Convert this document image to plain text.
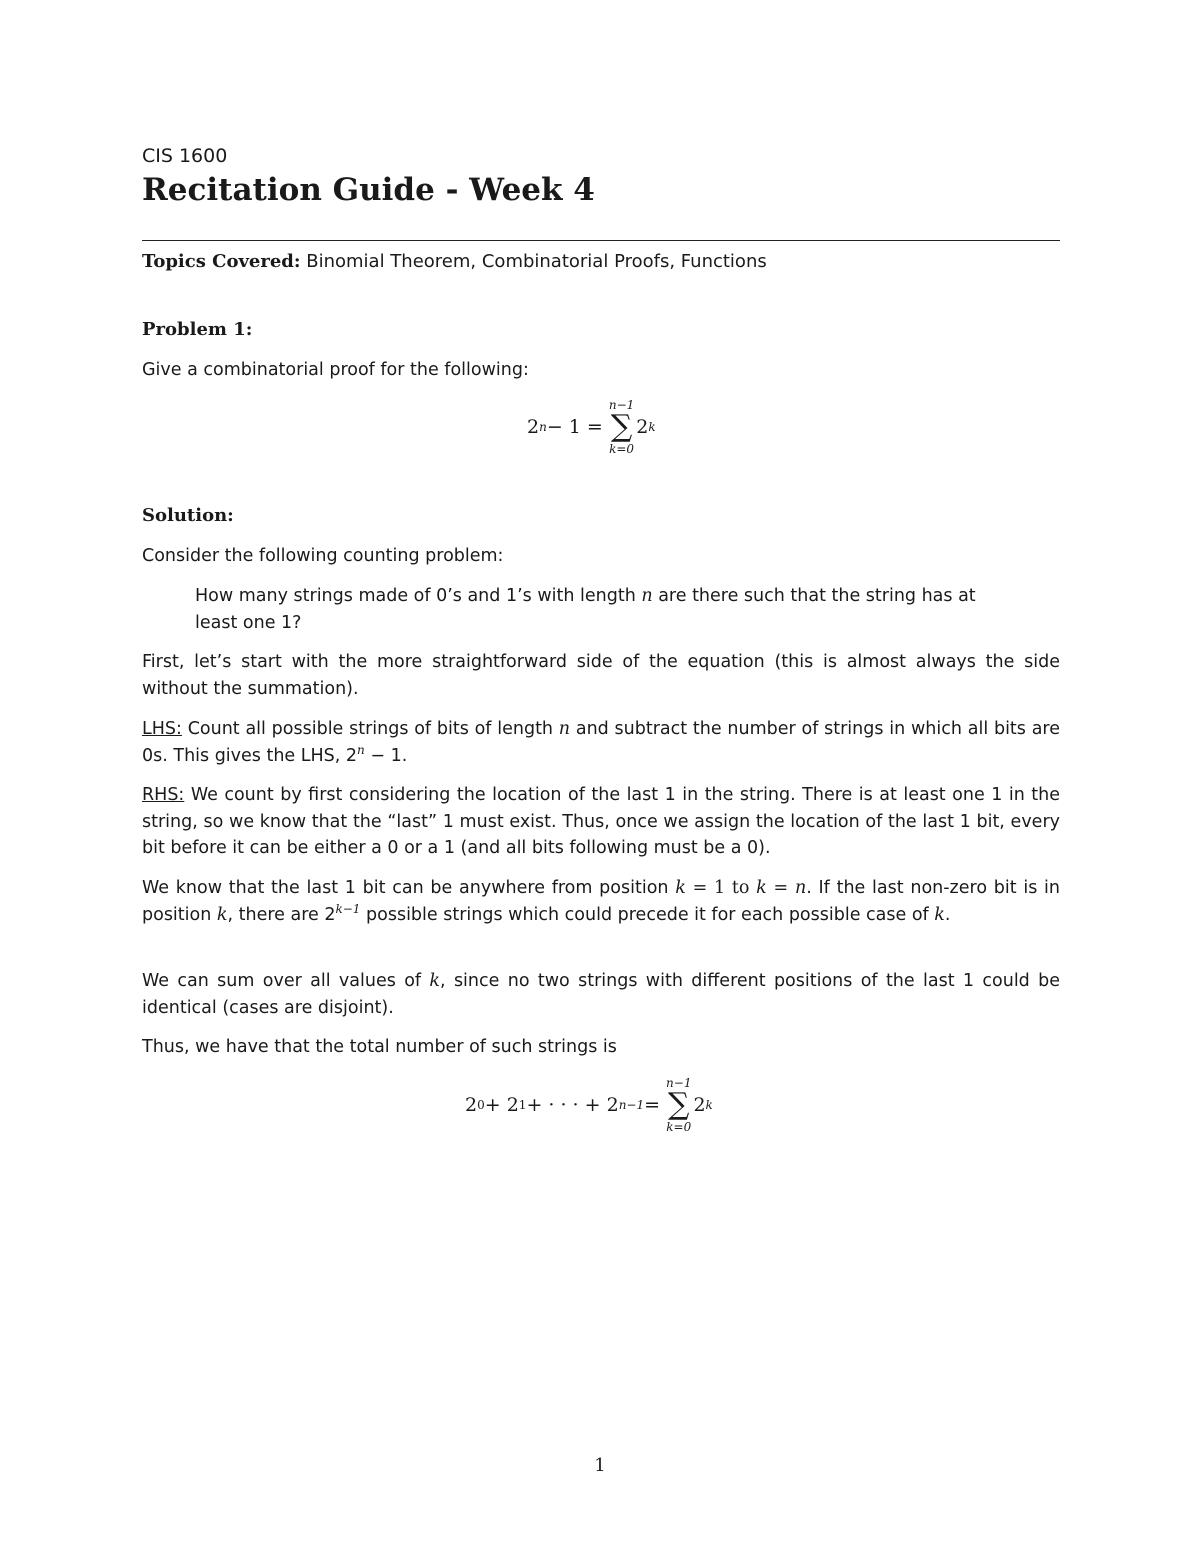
CIS 1600
Recitation Guide - Week 4
Topics Covered: Binomial Theorem, Combinatorial Proofs, Functions
Problem 1:
Give a combinatorial proof for the following:
2 n − 1 =
n−1
∑
k=0
2 k
Solution:
Consider the following counting problem:
How many strings made of 0’s and 1’s with length n are there such that the string has at least one 1?
First, let’s start with the more straightforward side of the equation (this is almost always the side without the summation).
LHS: Count all possible strings of bits of length n and subtract the number of strings in which all bits are 0s. This gives the LHS, $2^n - 1$.
RHS: We count by first considering the location of the last 1 in the string. There is at least one 1 in the string, so we know that the “last” 1 must exist. Thus, once we assign the location of the last 1 bit, every bit before it can be either a 0 or a 1 (and all bits following must be a 0).
We know that the last 1 bit can be anywhere from position k = 1 to k = n. If the last non-zero bit is in position k, there are $2^{k-1}$ possible strings which could precede it for each possible case of k.
We can sum over all values of k, since no two strings with different positions of the last 1 could be identical (cases are disjoint).
Thus, we have that the total number of such strings is
2 0 + 2 1 + · · · + 2 n−1 =
n−1
∑
k=0
2 k
1
